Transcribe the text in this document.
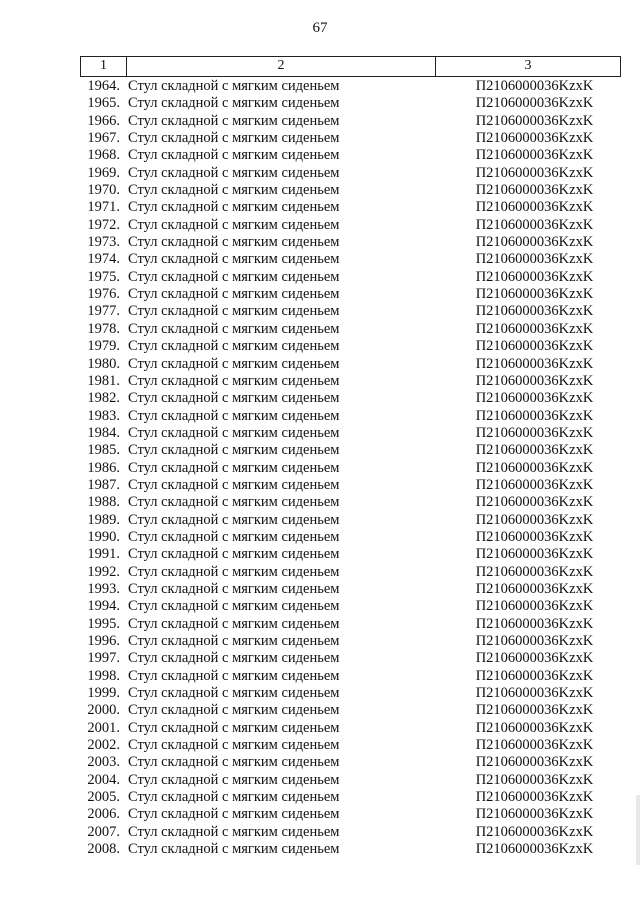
67
1	2	3
1964. Стул складной с мягким сиденьем	П2106000036KzxK
1965. Стул складной с мягким сиденьем	П2106000036KzxK
1966. Стул складной с мягким сиденьем	П2106000036KzxK
1967. Стул складной с мягким сиденьем	П2106000036KzxK
1968. Стул складной с мягким сиденьем	П2106000036KzxK
1969. Стул складной с мягким сиденьем	П2106000036KzxK
1970. Стул складной с мягким сиденьем	П2106000036KzxK
1971. Стул складной с мягким сиденьем	П2106000036KzxK
1972. Стул складной с мягким сиденьем	П2106000036KzxK
1973. Стул складной с мягким сиденьем	П2106000036KzxK
1974. Стул складной с мягким сиденьем	П2106000036KzxK
1975. Стул складной с мягким сиденьем	П2106000036KzxK
1976. Стул складной с мягким сиденьем	П2106000036KzxK
1977. Стул складной с мягким сиденьем	П2106000036KzxK
1978. Стул складной с мягким сиденьем	П2106000036KzxK
1979. Стул складной с мягким сиденьем	П2106000036KzxK
1980. Стул складной с мягким сиденьем	П2106000036KzxK
1981. Стул складной с мягким сиденьем	П2106000036KzxK
1982. Стул складной с мягким сиденьем	П2106000036KzxK
1983. Стул складной с мягким сиденьем	П2106000036KzxK
1984. Стул складной с мягким сиденьем	П2106000036KzxK
1985. Стул складной с мягким сиденьем	П2106000036KzxK
1986. Стул складной с мягким сиденьем	П2106000036KzxK
1987. Стул складной с мягким сиденьем	П2106000036KzxK
1988. Стул складной с мягким сиденьем	П2106000036KzxK
1989. Стул складной с мягким сиденьем	П2106000036KzxK
1990. Стул складной с мягким сиденьем	П2106000036KzxK
1991. Стул складной с мягким сиденьем	П2106000036KzxK
1992. Стул складной с мягким сиденьем	П2106000036KzxK
1993. Стул складной с мягким сиденьем	П2106000036KzxK
1994. Стул складной с мягким сиденьем	П2106000036KzxK
1995. Стул складной с мягким сиденьем	П2106000036KzxK
1996. Стул складной с мягким сиденьем	П2106000036KzxK
1997. Стул складной с мягким сиденьем	П2106000036KzxK
1998. Стул складной с мягким сиденьем	П2106000036KzxK
1999. Стул складной с мягким сиденьем	П2106000036KzxK
2000. Стул складной с мягким сиденьем	П2106000036KzxK
2001. Стул складной с мягким сиденьем	П2106000036KzxK
2002. Стул складной с мягким сиденьем	П2106000036KzxK
2003. Стул складной с мягким сиденьем	П2106000036KzxK
2004. Стул складной с мягким сиденьем	П2106000036KzxK
2005. Стул складной с мягким сиденьем	П2106000036KzxK
2006. Стул складной с мягким сиденьем	П2106000036KzxK
2007. Стул складной с мягким сиденьем	П2106000036KzxK
2008. Стул складной с мягким сиденьем	П2106000036KzxK
